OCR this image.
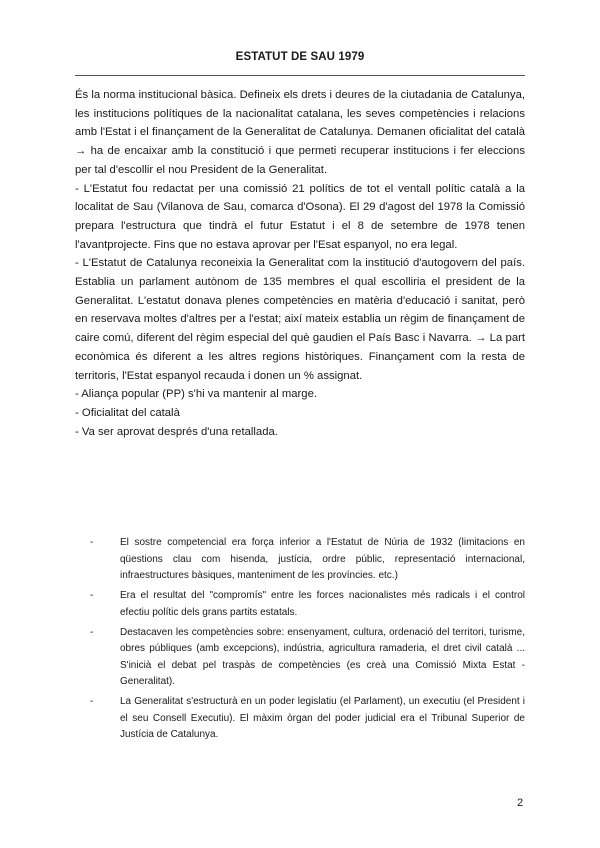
ESTATUT DE SAU 1979

És la norma institucional bàsica. Defineix els drets i deures de la ciutadania de Catalunya, les institucions polítiques de la nacionalitat catalana, les seves competències i relacions amb l'Estat i el finançament de la Generalitat de Catalunya. Demanen oficialitat del català → ha de encaixar amb la constitució i que permeti recuperar institucions i fer eleccions per tal d'escollir el nou President de la Generalitat.

- L'Estatut fou redactat per una comissió 21 polítics de tot el ventall polític català a la localitat de Sau (Vilanova de Sau, comarca d'Osona). El 29 d'agost del 1978 la Comissió prepara l'estructura que tindrà el futur Estatut i el 8 de setembre de 1978 tenen l'avantprojecte. Fins que no estava aprovar per l'Esat espanyol, no era legal.

- L'Estatut de Catalunya reconeixia la Generalitat com la institució d'autogovern del país. Establia un parlament autònom de 135 membres el qual escolliria el president de la Generalitat. L'estatut donava plenes competències en matèria d'educació i sanitat, però en reservava moltes d'altres per a l'estat; així mateix establia un règim de finançament de caire comú, diferent del règim especial del què gaudien el País Basc i Navarra. → La part econòmica és diferent a les altres regions històriques. Finançament com la resta de territoris, l'Estat espanyol recauda i donen un % assignat.

- Aliança popular (PP) s'hi va mantenir al marge.

- Oficialitat del català

- Va ser aprovat després d'una retallada.

-	El sostre competencial era força inferior a l'Estatut de Núria de 1932 (limitacions en qüestions clau com hisenda, justícia, ordre públic, representació internacional, infraestructures bàsiques, manteniment de les províncies. etc.)
-	Era el resultat del "compromís" entre les forces nacionalistes més radicals i el control efectiu polític dels grans partits estatals.
-	Destacaven les competències sobre: ensenyament, cultura, ordenació del territori, turisme, obres públiques (amb excepcions), indústria, agricultura ramaderia, el dret civil català ... S'inicià el debat pel traspàs de competències (es creà una Comissió Mixta Estat - Generalitat).
-	La Generalitat s'estructurà en un poder legislatiu (el Parlament), un executiu (el President i el seu Consell Executiu). El màxim òrgan del poder judicial era el Tribunal Superior de Justícia de Catalunya.
2
